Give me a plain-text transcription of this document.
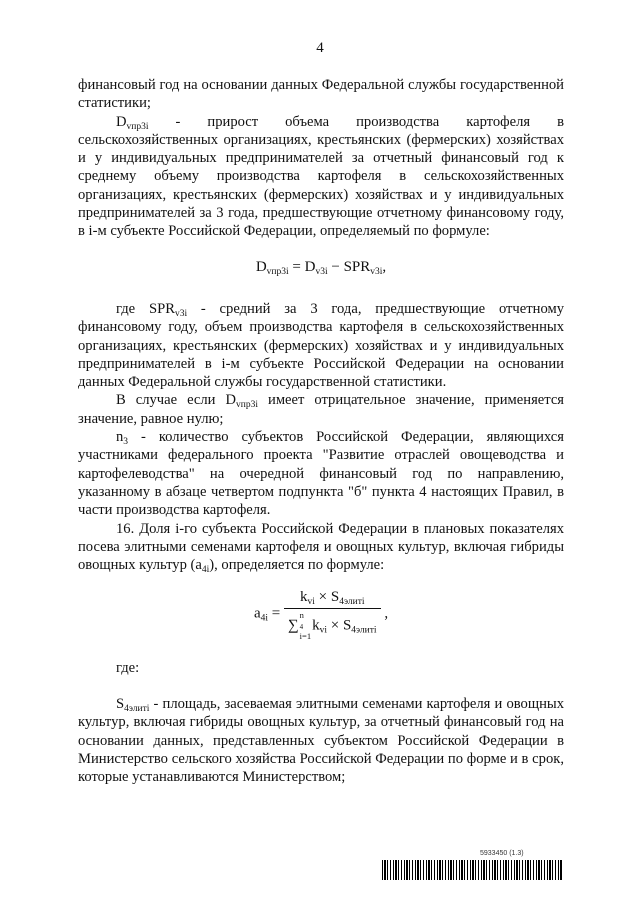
4

финансовый год на основании данных Федеральной службы государственной статистики;

$D_{vпр3i}$ - прирост объема производства картофеля в сельскохозяйственных организациях, крестьянских (фермерских) хозяйствах и у индивидуальных предпринимателей за отчетный финансовый год к среднему объему производства картофеля в сельскохозяйственных организациях, крестьянских (фермерских) хозяйствах и у индивидуальных предпринимателей за 3 года, предшествующие отчетному финансовому году, в i-м субъекте Российской Федерации, определяемый по формуле:

$D_{vпр3i} = D_{v3i} - SPR_{v3i}$,

где $SPR_{v3i}$ - средний за 3 года, предшествующие отчетному финансовому году, объем производства картофеля в сельскохозяйственных организациях, крестьянских (фермерских) хозяйствах и у индивидуальных предпринимателей в i-м субъекте Российской Федерации на основании данных Федеральной службы государственной статистики.

В случае если $D_{vпр3i}$ имеет отрицательное значение, применяется значение, равное нулю;

$n_3$ - количество субъектов Российской Федерации, являющихся участниками федерального проекта "Развитие отраслей овощеводства и картофелеводства" на очередной финансовый год по направлению, указанному в абзаце четвертом подпункта "б" пункта 4 настоящих Правил, в части производства картофеля.

16. Доля i-го субъекта Российской Федерации в плановых показателях посева элитными семенами картофеля и овощных культур, включая гибриды овощных культур $(a_{4i})$, определяется по формуле:

$a_{4i} = k_{vi} \times S_{4элитi}$
∑
n
$_4$
i=1
$k_{vi} \times S_{4элитi}$ ,

где:

$S_{4элитi}$ - площадь, засеваемая элитными семенами картофеля и овощных культур, включая гибриды овощных культур, за отчетный финансовый год на основании данных, представленных субъектом Российской Федерации в Министерство сельского хозяйства Российской Федерации по форме и в срок, которые устанавливаются Министерством;

5933450 (1.3)
